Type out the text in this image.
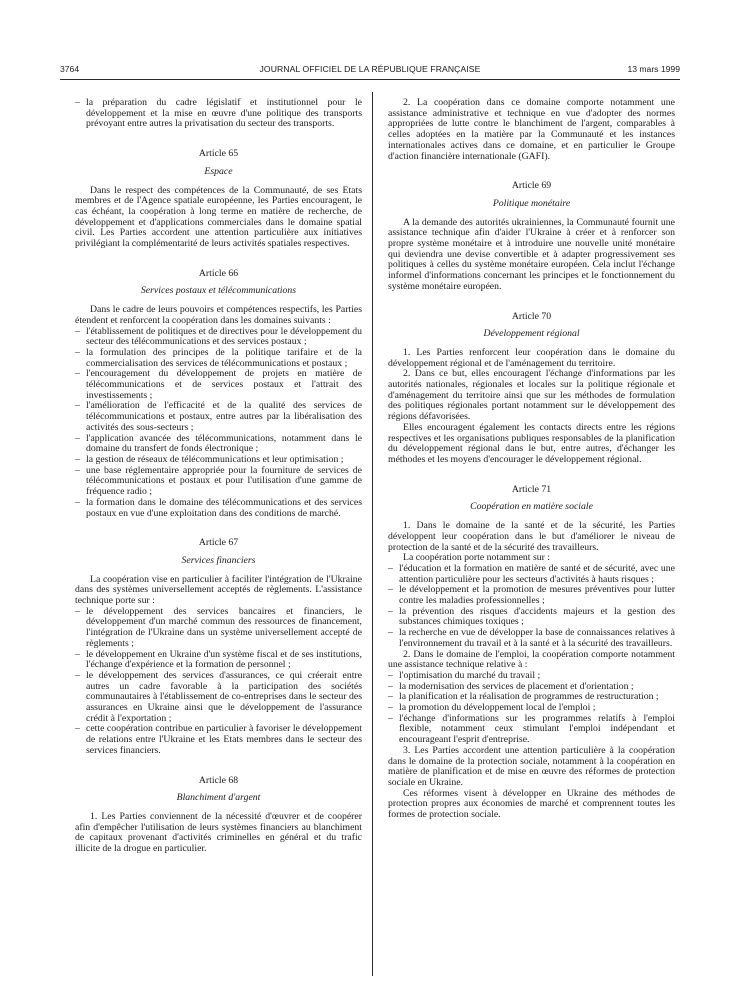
3764	JOURNAL OFFICIEL DE LA RÉPUBLIQUE FRANÇAISE	13 mars 1999
– la préparation du cadre législatif et institutionnel pour le développement et la mise en œuvre d'une politique des transports prévoyant entre autres la privatisation du secteur des transports.

Article 65

Espace

Dans le respect des compétences de la Communauté, de ses Etats membres et de l'Agence spatiale européenne, les Parties encouragent, le cas échéant, la coopération à long terme en matière de recherche, de développement et d'applications commerciales dans le domaine spatial civil. Les Parties accordent une attention particulière aux initiatives privilégiant la complémentarité de leurs activités spatiales respectives.

Article 66

Services postaux et télécommunications

Dans le cadre de leurs pouvoirs et compétences respectifs, les Parties étendent et renforcent la coopération dans les domaines suivants :

– l'établissement de politiques et de directives pour le développement du secteur des télécommunications et des services postaux ;
– la formulation des principes de la politique tarifaire et de la commercialisation des services de télécommunications et postaux ;
– l'encouragement du développement de projets en matière de télécommunications et de services postaux et l'attrait des investissements ;
– l'amélioration de l'efficacité et de la qualité des services de télécommunications et postaux, entre autres par la libéralisation des activités des sous-secteurs ;
– l'application avancée des télécommunications, notamment dans le domaine du transfert de fonds électronique ;
– la gestion de réseaux de télécommunications et leur optimisation ;
– une base réglementaire appropriée pour la fourniture de services de télécommunications et postaux et pour l'utilisation d'une gamme de fréquence radio ;
– la formation dans le domaine des télécommunications et des services postaux en vue d'une exploitation dans des conditions de marché.

Article 67

Services financiers

La coopération vise en particulier à faciliter l'intégration de l'Ukraine dans des systèmes universellement acceptés de règlements. L'assistance technique porte sur :

– le développement des services bancaires et financiers, le développement d'un marché commun des ressources de financement, l'intégration de l'Ukraine dans un système universellement accepté de règlements ;
– le développement en Ukraine d'un système fiscal et de ses institutions, l'échange d'expérience et la formation de personnel ;
– le développement des services d'assurances, ce qui créerait entre autres un cadre favorable à la participation des sociétés communautaires à l'établissement de co-entreprises dans le secteur des assurances en Ukraine ainsi que le développement de l'assurance crédit à l'exportation ;
– cette coopération contribue en particulier à favoriser le développement de relations entre l'Ukraine et les Etats membres dans le secteur des services financiers.

Article 68

Blanchiment d'argent

1. Les Parties conviennent de la nécessité d'œuvrer et de coopérer afin d'empêcher l'utilisation de leurs systèmes financiers au blanchiment de capitaux provenant d'activités criminelles en général et du trafic illicite de la drogue en particulier.

2. La coopération dans ce domaine comporte notamment une assistance administrative et technique en vue d'adopter des normes appropriées de lutte contre le blanchiment de l'argent, comparables à celles adoptées en la matière par la Communauté et les instances internationales actives dans ce domaine, et en particulier le Groupe d'action financière internationale (GAFI).

Article 69

Politique monétaire

A la demande des autorités ukrainiennes, la Communauté fournit une assistance technique afin d'aider l'Ukraine à créer et à renforcer son propre système monétaire et à introduire une nouvelle unité monétaire qui deviendra une devise convertible et à adapter progressivement ses politiques à celles du système monétaire européen. Cela inclut l'échange informel d'informations concernant les principes et le fonctionnement du système monétaire européen.

Article 70

Développement régional

1. Les Parties renforcent leur coopération dans le domaine du développement régional et de l'aménagement du territoire.

2. Dans ce but, elles encouragent l'échange d'informations par les autorités nationales, régionales et locales sur la politique régionale et d'aménagement du territoire ainsi que sur les méthodes de formulation des politiques régionales portant notamment sur le développement des régions défavorisées.

Elles encouragent également les contacts directs entre les régions respectives et les organisations publiques responsables de la planification du développement régional dans le but, entre autres, d'échanger les méthodes et les moyens d'encourager le développement régional.

Article 71

Coopération en matière sociale

1. Dans le domaine de la santé et de la sécurité, les Parties développent leur coopération dans le but d'améliorer le niveau de protection de la santé et de la sécurité des travailleurs.

La coopération porte notamment sur :

– l'éducation et la formation en matière de santé et de sécurité, avec une attention particulière pour les secteurs d'activités à hauts risques ;
– le développement et la promotion de mesures préventives pour lutter contre les maladies professionnelles ;
– la prévention des risques d'accidents majeurs et la gestion des substances chimiques toxiques ;
– la recherche en vue de développer la base de connaissances relatives à l'environnement du travail et à la santé et à la sécurité des travailleurs.

2. Dans le domaine de l'emploi, la coopération comporte notamment une assistance technique relative à :

– l'optimisation du marché du travail ;
– la modernisation des services de placement et d'orientation ;
– la planification et la réalisation de programmes de restructuration ;
– la promotion du développement local de l'emploi ;
– l'échange d'informations sur les programmes relatifs à l'emploi flexible, notamment ceux stimulant l'emploi indépendant et encourageant l'esprit d'entreprise.

3. Les Parties accordent une attention particulière à la coopération dans le domaine de la protection sociale, notamment à la coopération en matière de planification et de mise en œuvre des réformes de protection sociale en Ukraine.

Ces réformes visent à développer en Ukraine des méthodes de protection propres aux économies de marché et comprennent toutes les formes de protection sociale.
